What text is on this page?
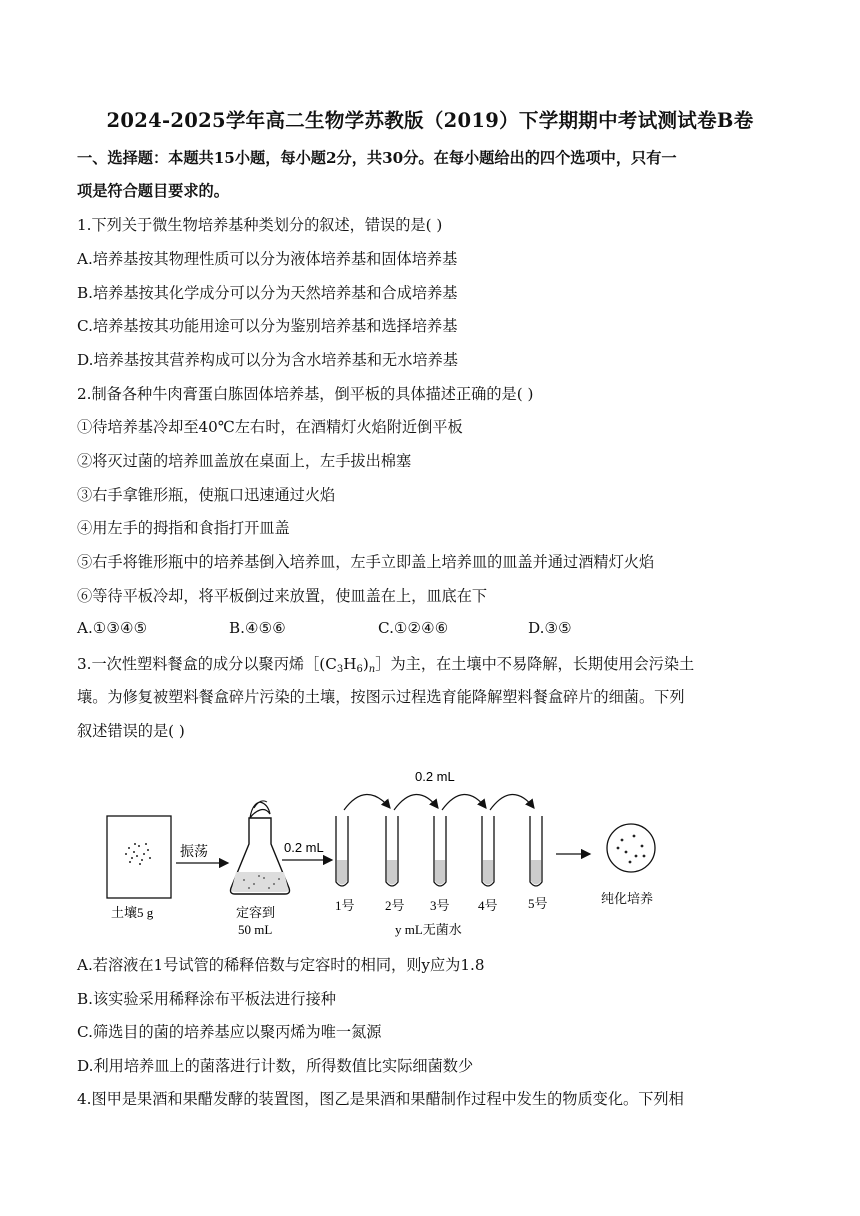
2024-2025学年高二生物学苏教版（2019）下学期期中考试测试卷B卷
一、选择题：本题共15小题，每小题2分，共30分。在每小题给出的四个选项中，只有一
项是符合题目要求的。
1.下列关于微生物培养基种类划分的叙述，错误的是( )
A.培养基按其物理性质可以分为液体培养基和固体培养基
B.培养基按其化学成分可以分为天然培养基和合成培养基
C.培养基按其功能用途可以分为鉴别培养基和选择培养基
D.培养基按其营养构成可以分为含水培养基和无水培养基
2.制备各种牛肉膏蛋白胨固体培养基，倒平板的具体描述正确的是( )
①待培养基冷却至40℃左右时，在酒精灯火焰附近倒平板
②将灭过菌的培养皿盖放在桌面上，左手拔出棉塞
③右手拿锥形瓶，使瓶口迅速通过火焰
④用左手的拇指和食指打开皿盖
⑤右手将锥形瓶中的培养基倒入培养皿，左手立即盖上培养皿的皿盖并通过酒精灯火焰
⑥等待平板冷却，将平板倒过来放置，使皿盖在上，皿底在下
A.①③④⑤	B.④⑤⑥	C.①②④⑥	D.③⑤
3.一次性塑料餐盒的成分以聚丙烯$[(C_3H_6)_n]$为主，在土壤中不易降解，长期使用会污染土
壤。为修复被塑料餐盒碎片污染的土壤，按图示过程选育能降解塑料餐盒碎片的细菌。下列
叙述错误的是( )
土壤5 g
振荡
定容到
50 mL
0.2 mL
0.2 mL
1号 2号 3号 4号 5号
y mL无菌水
纯化培养
A.若溶液在1号试管的稀释倍数与定容时的相同，则y应为1.8
B.该实验采用稀释涂布平板法进行接种
C.筛选目的菌的培养基应以聚丙烯为唯一氮源
D.利用培养皿上的菌落进行计数，所得数值比实际细菌数少
4.图甲是果酒和果醋发酵的装置图，图乙是果酒和果醋制作过程中发生的物质变化。下列相
